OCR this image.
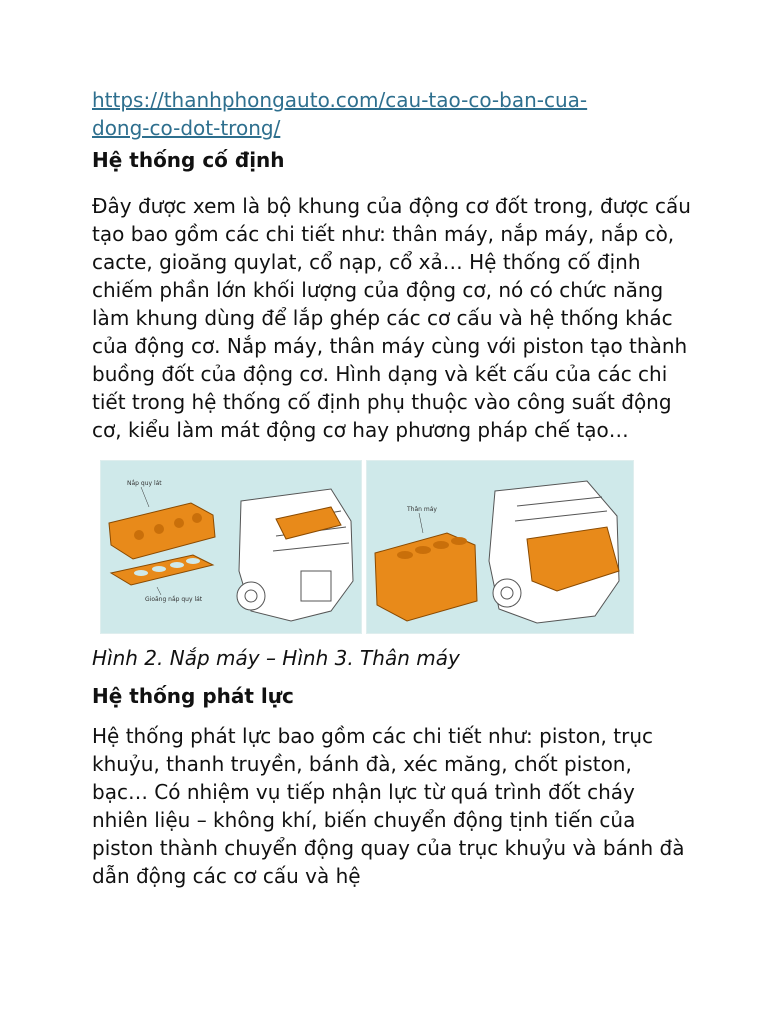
https://thanhphongauto.com/cau-tao-co-ban-cua-
dong-co-dot-trong/
Hệ thống cố định

Đây được xem là bộ khung của động cơ đốt trong, được cấu tạo bao gồm các chi tiết như: thân máy, nắp máy, nắp cò, cacte, gioăng quylat, cổ nạp, cổ xả… Hệ thống cố định chiếm phần lớn khối lượng của động cơ, nó có chức năng làm khung dùng để lắp ghép các cơ cấu và hệ thống khác của động cơ. Nắp máy, thân máy cùng với piston tạo thành buồng đốt của động cơ. Hình dạng và kết cấu của các chi tiết trong hệ thống cố định phụ thuộc vào công suất động cơ, kiểu làm mát động cơ hay phương pháp chế tạo…

Nắp quy lát
Gioăng nắp quy lát
Thân máy

Hình 2. Nắp máy – Hình 3. Thân máy

Hệ thống phát lực

Hệ thống phát lực bao gồm các chi tiết như: piston, trục khuỷu, thanh truyền, bánh đà, xéc măng, chốt piston, bạc… Có nhiệm vụ tiếp nhận lực từ quá trình đốt cháy nhiên liệu – không khí, biến chuyển động tịnh tiến của piston thành chuyển động quay của trục khuỷu và bánh đà dẫn động các cơ cấu và hệ
